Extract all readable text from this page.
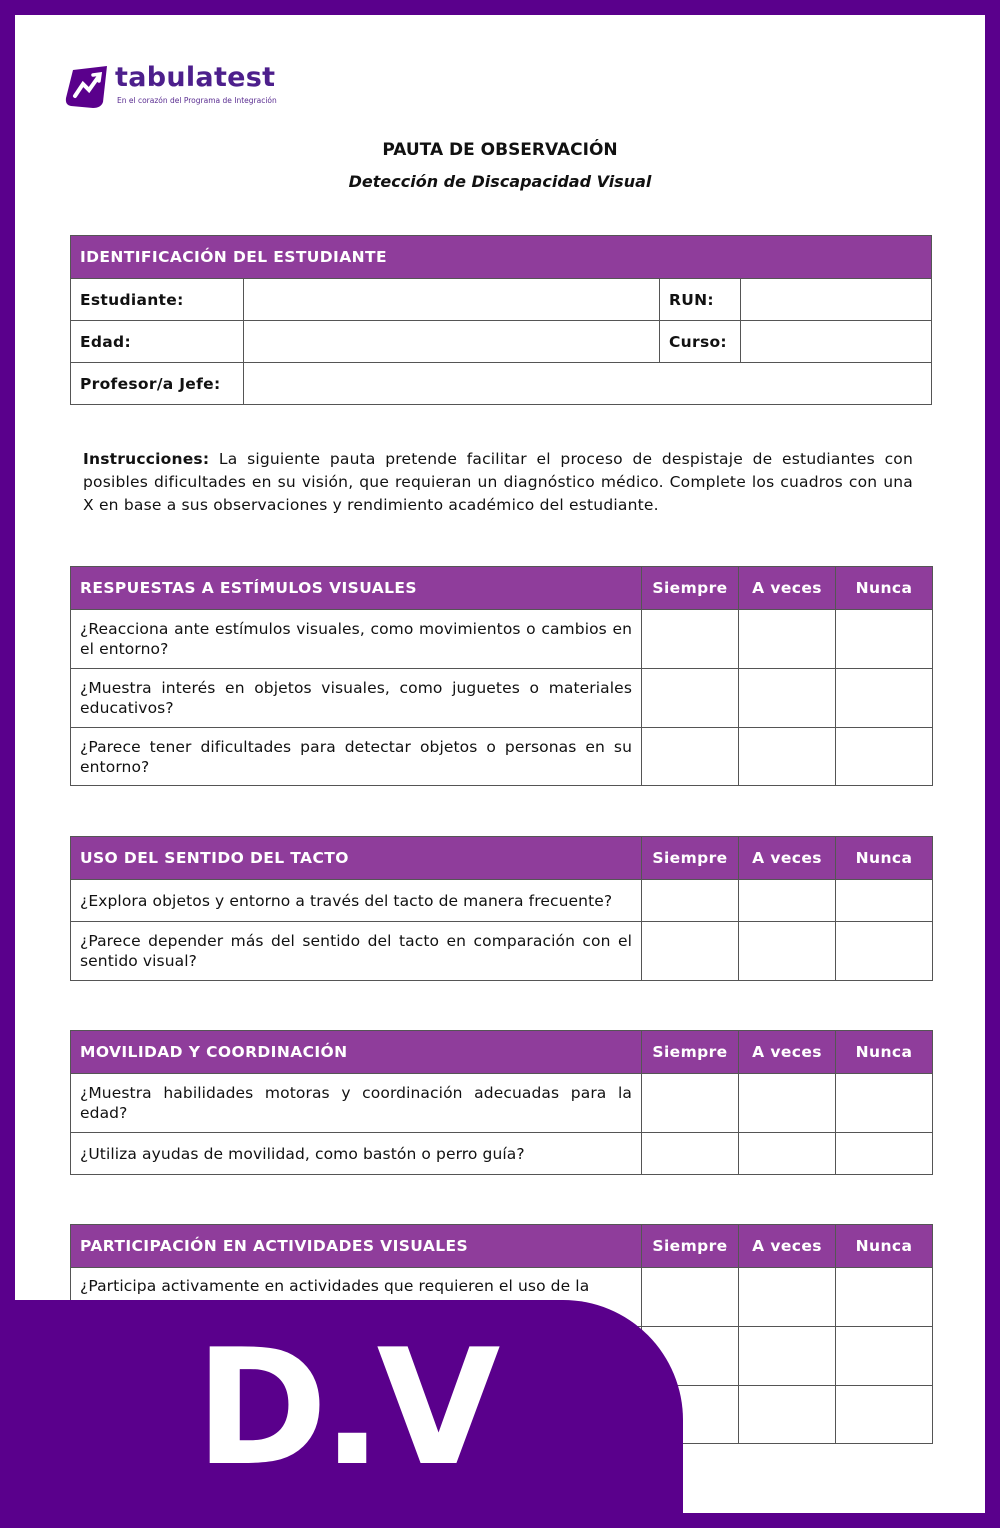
tabulatest
En el corazón del Programa de Integración
PAUTA DE OBSERVACIÓN
Detección de Discapacidad Visual
IDENTIFICACIÓN DEL ESTUDIANTE			
Estudiante:		RUN:	
Edad:		Curso:	
Profesor/a Jefe:			
Instrucciones: La siguiente pauta pretende facilitar el proceso de despistaje de estudiantes con posibles dificultades en su visión, que requieran un diagnóstico médico. Complete los cuadros con una X en base a sus observaciones y rendimiento académico del estudiante.
RESPUESTAS A ESTÍMULOS VISUALES	Siempre	A veces	Nunca
¿Reacciona ante estímulos visuales, como movimientos o cambios en el entorno?			
¿Muestra interés en objetos visuales, como juguetes o materiales educativos?			
¿Parece tener dificultades para detectar objetos o personas en su entorno?			
USO DEL SENTIDO DEL TACTO	Siempre	A veces	Nunca
¿Explora objetos y entorno a través del tacto de manera frecuente?			
¿Parece depender más del sentido del tacto en comparación con el sentido visual?			
MOVILIDAD Y COORDINACIÓN	Siempre	A veces	Nunca
¿Muestra habilidades motoras y coordinación adecuadas para la edad?			
¿Utiliza ayudas de movilidad, como bastón o perro guía?			
PARTICIPACIÓN EN ACTIVIDADES VISUALES	Siempre	A veces	Nunca
¿Participa activamente en actividades que requieren el uso de la			

D.V
